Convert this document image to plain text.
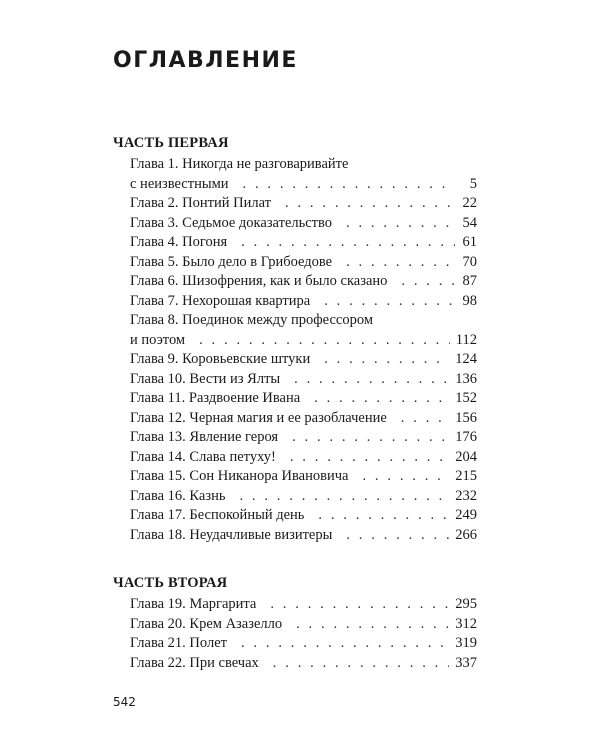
ОГЛАВЛЕНИЕ
ЧАСТЬ ПЕРВАЯ
Глава 1. Никогда не разговаривайте
с неизвестными . . .	5
Глава 2. Понтий Пилат . . .	22
Глава 3. Седьмое доказательство . . .	54
Глава 4. Погоня . . .	61
Глава 5. Было дело в Грибоедове . . .	70
Глава 6. Шизофрения, как и было сказано . . .	87
Глава 7. Нехорошая квартира . . .	98
Глава 8. Поединок между профессором
и поэтом . . .	112
Глава 9. Коровьевские штуки . . .	124
Глава 10. Вести из Ялты . . .	136
Глава 11. Раздвоение Ивана . . .	152
Глава 12. Черная магия и ее разоблачение . . .	156
Глава 13. Явление героя . . .	176
Глава 14. Слава петуху! . . .	204
Глава 15. Сон Никанора Ивановича . . .	215
Глава 16. Казнь . . .	232
Глава 17. Беспокойный день . . .	249
Глава 18. Неудачливые визитеры . . .	266
ЧАСТЬ ВТОРАЯ
Глава 19. Маргарита . . .	295
Глава 20. Крем Азазелло . . .	312
Глава 21. Полет . . .	319
Глава 22. При свечах . . .	337
542
